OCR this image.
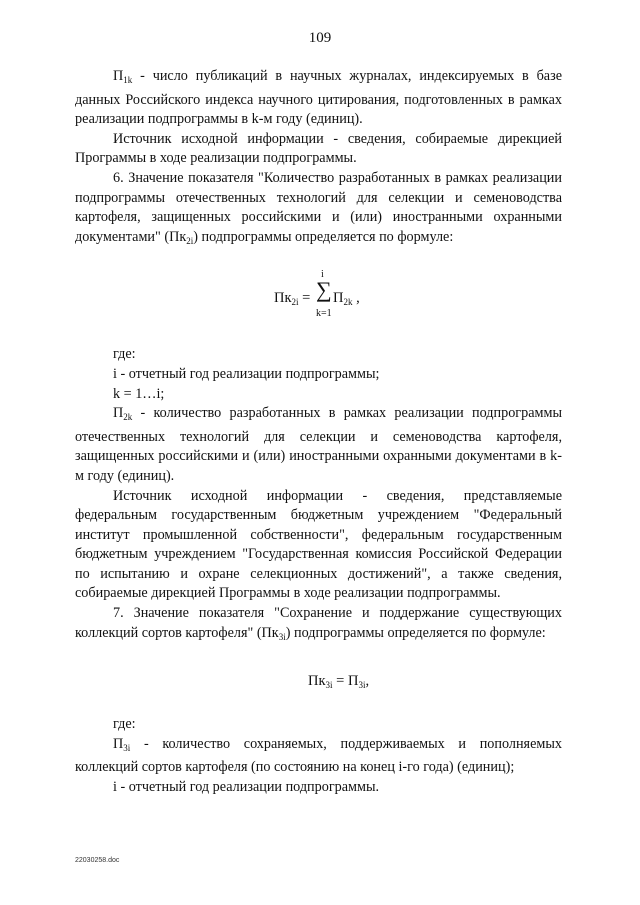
109

$П_{1k}$ - число публикаций в научных журналах, индексируемых в базе данных Российского индекса научного цитирования, подготовленных в рамках реализации подпрограммы в k-м году (единиц).

Источник исходной информации - сведения, собираемые дирекцией Программы в ходе реализации подпрограммы.

6. Значение показателя "Количество разработанных в рамках реализации подпрограммы отечественных технологий для селекции и семеноводства картофеля, защищенных российскими и (или) иностранными охранными документами" $(Пк_{2i})$ подпрограммы определяется по формуле:

$Пк_{2i}$ =
i
∑
k=1
$П_{2k}$ ,

где:

i - отчетный год реализации подпрограммы;

k = 1…i;

$П_{2k}$ - количество разработанных в рамках реализации подпрограммы отечественных технологий для селекции и семеноводства картофеля, защищенных российскими и (или) иностранными охранными документами в k-м году (единиц).

Источник исходной информации - сведения, представляемые федеральным государственным бюджетным учреждением "Федеральный институт промышленной собственности", федеральным государственным бюджетным учреждением "Государственная комиссия Российской Федерации по испытанию и охране селекционных достижений", а также сведения, собираемые дирекцией Программы в ходе реализации подпрограммы.

7. Значение показателя "Сохранение и поддержание существующих коллекций сортов картофеля" $(Пк_{3i})$ подпрограммы определяется по формуле:

$Пк_{3i} = П_{3i}$,

где:

$П_{3i}$ - количество сохраняемых, поддерживаемых и пополняемых коллекций сортов картофеля (по состоянию на конец i-го года) (единиц);

i - отчетный год реализации подпрограммы.

22030258.doc
